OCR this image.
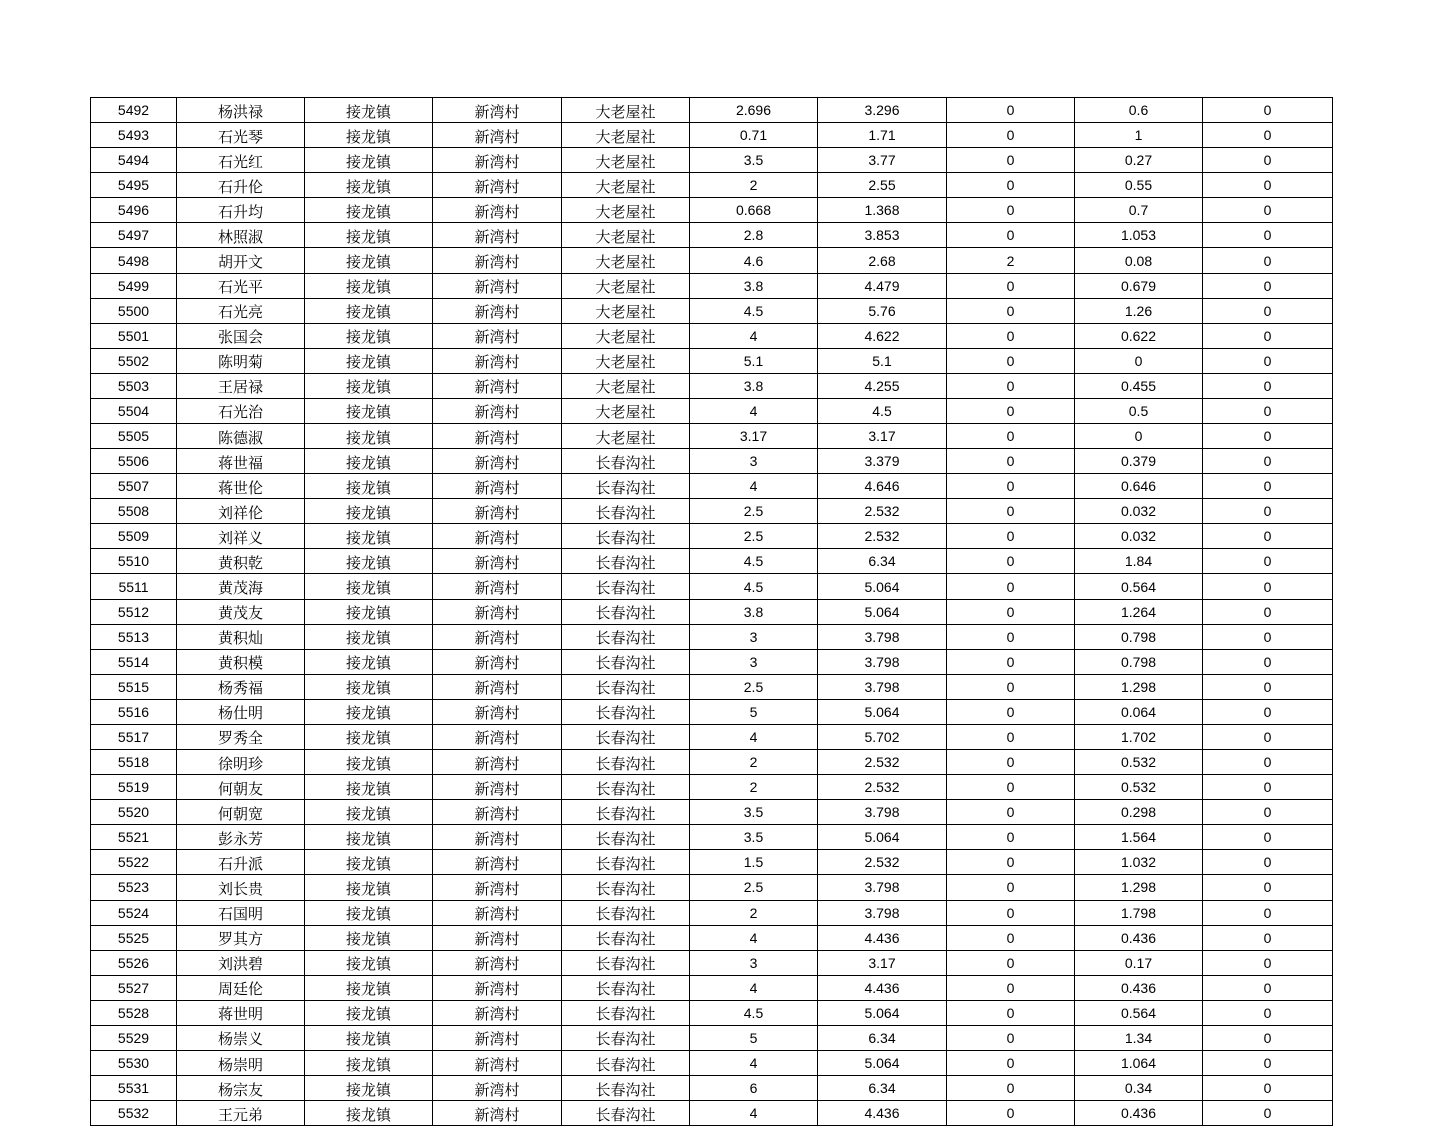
5492	杨洪禄	接龙镇	新湾村	大老屋社	2.696	3.296	0	0.6	0
5493	石光琴	接龙镇	新湾村	大老屋社	0.71	1.71	0	1	0
5494	石光红	接龙镇	新湾村	大老屋社	3.5	3.77	0	0.27	0
5495	石升伦	接龙镇	新湾村	大老屋社	2	2.55	0	0.55	0
5496	石升均	接龙镇	新湾村	大老屋社	0.668	1.368	0	0.7	0
5497	林照淑	接龙镇	新湾村	大老屋社	2.8	3.853	0	1.053	0
5498	胡开文	接龙镇	新湾村	大老屋社	4.6	2.68	2	0.08	0
5499	石光平	接龙镇	新湾村	大老屋社	3.8	4.479	0	0.679	0
5500	石光亮	接龙镇	新湾村	大老屋社	4.5	5.76	0	1.26	0
5501	张国会	接龙镇	新湾村	大老屋社	4	4.622	0	0.622	0
5502	陈明菊	接龙镇	新湾村	大老屋社	5.1	5.1	0	0	0
5503	王居禄	接龙镇	新湾村	大老屋社	3.8	4.255	0	0.455	0
5504	石光治	接龙镇	新湾村	大老屋社	4	4.5	0	0.5	0
5505	陈德淑	接龙镇	新湾村	大老屋社	3.17	3.17	0	0	0
5506	蒋世福	接龙镇	新湾村	长春沟社	3	3.379	0	0.379	0
5507	蒋世伦	接龙镇	新湾村	长春沟社	4	4.646	0	0.646	0
5508	刘祥伦	接龙镇	新湾村	长春沟社	2.5	2.532	0	0.032	0
5509	刘祥义	接龙镇	新湾村	长春沟社	2.5	2.532	0	0.032	0
5510	黄积乾	接龙镇	新湾村	长春沟社	4.5	6.34	0	1.84	0
5511	黄茂海	接龙镇	新湾村	长春沟社	4.5	5.064	0	0.564	0
5512	黄茂友	接龙镇	新湾村	长春沟社	3.8	5.064	0	1.264	0
5513	黄积灿	接龙镇	新湾村	长春沟社	3	3.798	0	0.798	0
5514	黄积模	接龙镇	新湾村	长春沟社	3	3.798	0	0.798	0
5515	杨秀福	接龙镇	新湾村	长春沟社	2.5	3.798	0	1.298	0
5516	杨仕明	接龙镇	新湾村	长春沟社	5	5.064	0	0.064	0
5517	罗秀全	接龙镇	新湾村	长春沟社	4	5.702	0	1.702	0
5518	徐明珍	接龙镇	新湾村	长春沟社	2	2.532	0	0.532	0
5519	何朝友	接龙镇	新湾村	长春沟社	2	2.532	0	0.532	0
5520	何朝宽	接龙镇	新湾村	长春沟社	3.5	3.798	0	0.298	0
5521	彭永芳	接龙镇	新湾村	长春沟社	3.5	5.064	0	1.564	0
5522	石升派	接龙镇	新湾村	长春沟社	1.5	2.532	0	1.032	0
5523	刘长贵	接龙镇	新湾村	长春沟社	2.5	3.798	0	1.298	0
5524	石国明	接龙镇	新湾村	长春沟社	2	3.798	0	1.798	0
5525	罗其方	接龙镇	新湾村	长春沟社	4	4.436	0	0.436	0
5526	刘洪碧	接龙镇	新湾村	长春沟社	3	3.17	0	0.17	0
5527	周廷伦	接龙镇	新湾村	长春沟社	4	4.436	0	0.436	0
5528	蒋世明	接龙镇	新湾村	长春沟社	4.5	5.064	0	0.564	0
5529	杨崇义	接龙镇	新湾村	长春沟社	5	6.34	0	1.34	0
5530	杨崇明	接龙镇	新湾村	长春沟社	4	5.064	0	1.064	0
5531	杨宗友	接龙镇	新湾村	长春沟社	6	6.34	0	0.34	0
5532	王元弟	接龙镇	新湾村	长春沟社	4	4.436	0	0.436	0
